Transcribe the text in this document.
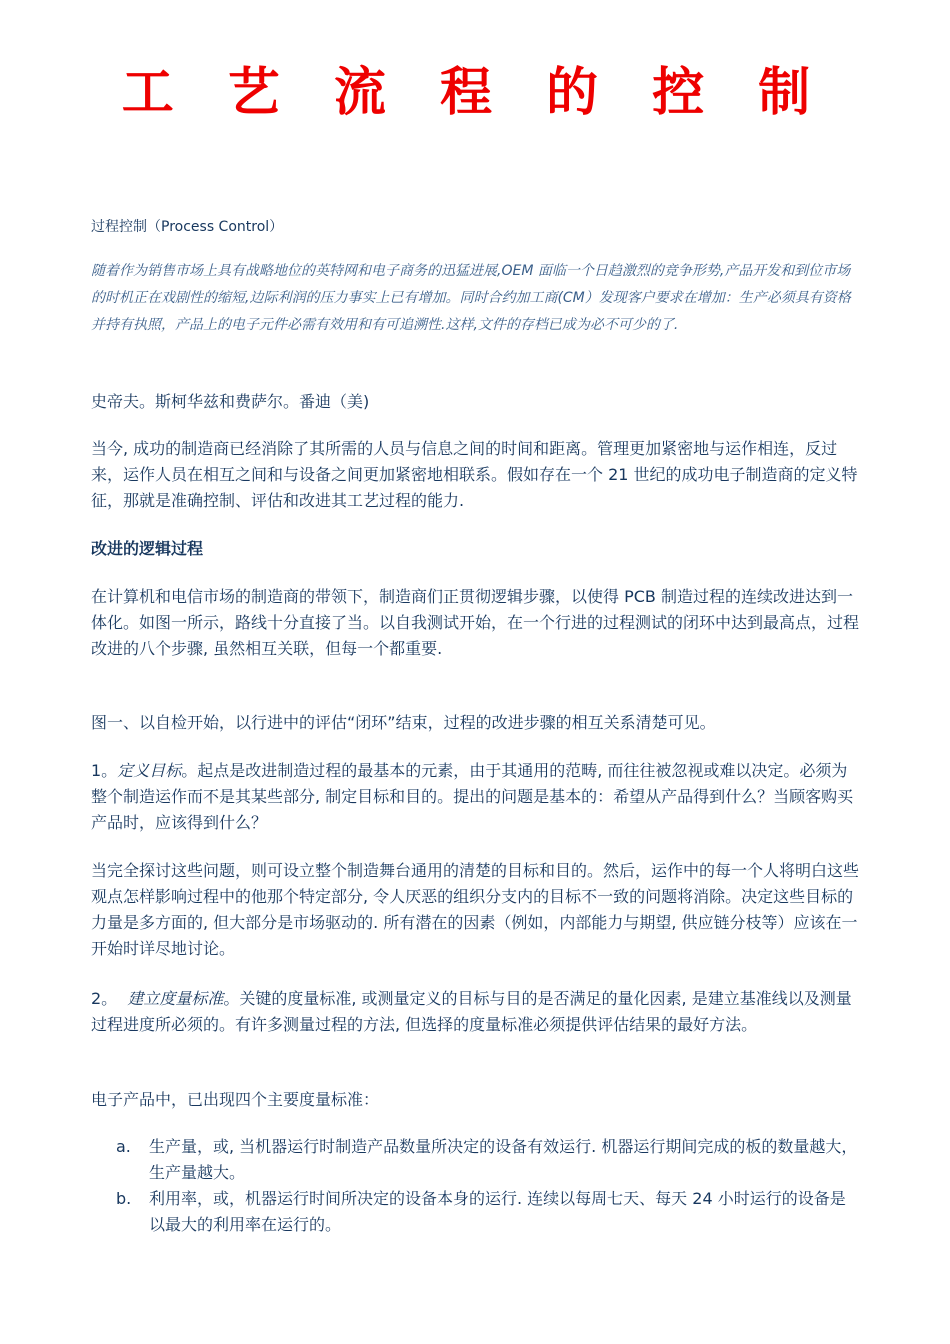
工 艺 流 程 的 控 制

过程控制（Process Control）

随着作为销售市场上具有战略地位的英特网和电子商务的迅猛进展,OEM 面临一个日趋激烈的竞争形势,产品开发和到位市场的时机正在戏剧性的缩短,边际利润的压力事实上已有增加。同时合约加工商(CM）发现客户要求在增加：生产必须具有资格并持有执照，产品上的电子元件必需有效用和有可追溯性.这样,文件的存档已成为必不可少的了.

史帝夫。斯柯华兹和费萨尔。番迪（美)

当今, 成功的制造商已经消除了其所需的人员与信息之间的时间和距离。管理更加紧密地与运作相连，反过来，运作人员在相互之间和与设备之间更加紧密地相联系。假如存在一个 21 世纪的成功电子制造商的定义特征，那就是准确控制、评估和改进其工艺过程的能力.

改进的逻辑过程

在计算机和电信市场的制造商的带领下，制造商们正贯彻逻辑步骤，以使得 PCB 制造过程的连续改进达到一体化。如图一所示，路线十分直接了当。以自我测试开始，在一个行进的过程测试的闭环中达到最高点，过程改进的八个步骤, 虽然相互关联，但每一个都重要.

图一、以自检开始，以行进中的评估“闭环”结束，过程的改进步骤的相互关系清楚可见。

1。定义目标。起点是改进制造过程的最基本的元素，由于其通用的范畴, 而往往被忽视或难以决定。必须为整个制造运作而不是其某些部分, 制定目标和目的。提出的问题是基本的：希望从产品得到什么？当顾客购买产品时，应该得到什么？

当完全探讨这些问题，则可设立整个制造舞台通用的清楚的目标和目的。然后，运作中的每一个人将明白这些观点怎样影响过程中的他那个特定部分, 令人厌恶的组织分支内的目标不一致的问题将消除。决定这些目标的力量是多方面的, 但大部分是市场驱动的. 所有潜在的因素（例如，内部能力与期望, 供应链分枝等）应该在一开始时详尽地讨论。

2。 建立度量标准。关键的度量标准, 或测量定义的目标与目的是否满足的量化因素, 是建立基准线以及测量过程进度所必须的。有许多测量过程的方法, 但选择的度量标准必须提供评估结果的最好方法。

电子产品中，已出现四个主要度量标准：

a.	生产量，或, 当机器运行时制造产品数量所决定的设备有效运行. 机器运行期间完成的板的数量越大，生产量越大。
b.	利用率，或，机器运行时间所决定的设备本身的运行. 连续以每周七天、每天 24 小时运行的设备是以最大的利用率在运行的。
